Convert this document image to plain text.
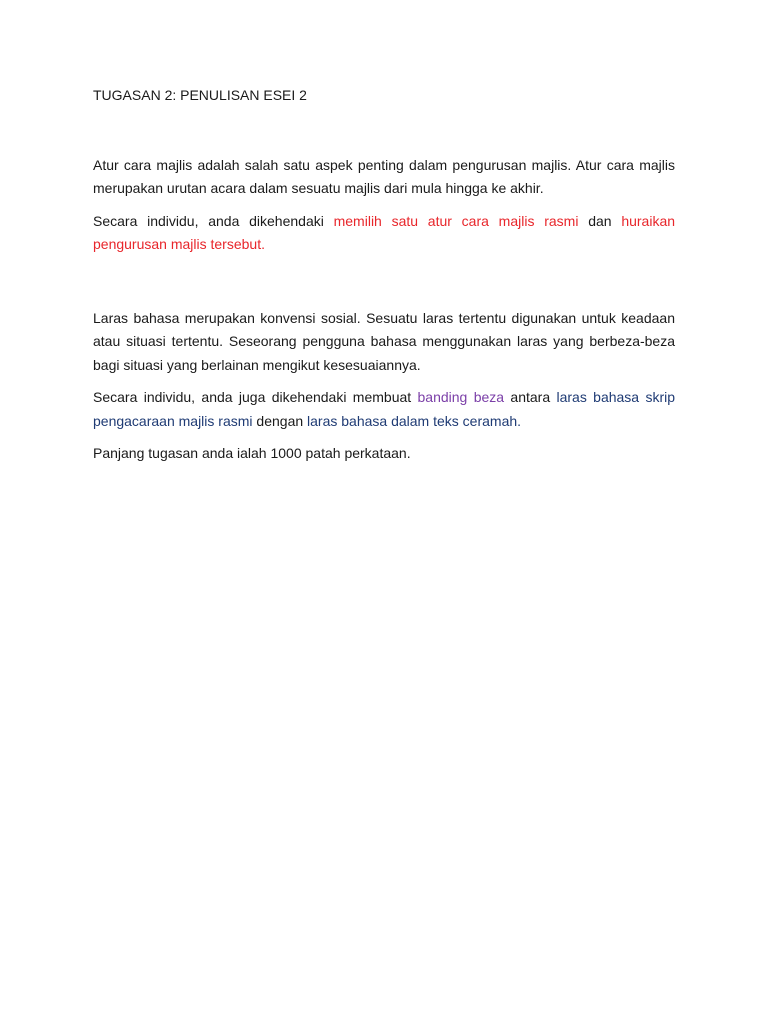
TUGASAN 2: PENULISAN ESEI 2

Atur cara majlis adalah salah satu aspek penting dalam pengurusan majlis. Atur cara majlis merupakan urutan acara dalam sesuatu majlis dari mula hingga ke akhir.

Secara individu, anda dikehendaki memilih satu atur cara majlis rasmi dan huraikan pengurusan majlis tersebut.

Laras bahasa merupakan konvensi sosial. Sesuatu laras tertentu digunakan untuk keadaan atau situasi tertentu. Seseorang pengguna bahasa menggunakan laras yang berbeza-beza bagi situasi yang berlainan mengikut kesesuaiannya.

Secara individu, anda juga dikehendaki membuat banding beza antara laras bahasa skrip pengacaraan majlis rasmi dengan laras bahasa dalam teks ceramah.

Panjang tugasan anda ialah 1000 patah perkataan.
